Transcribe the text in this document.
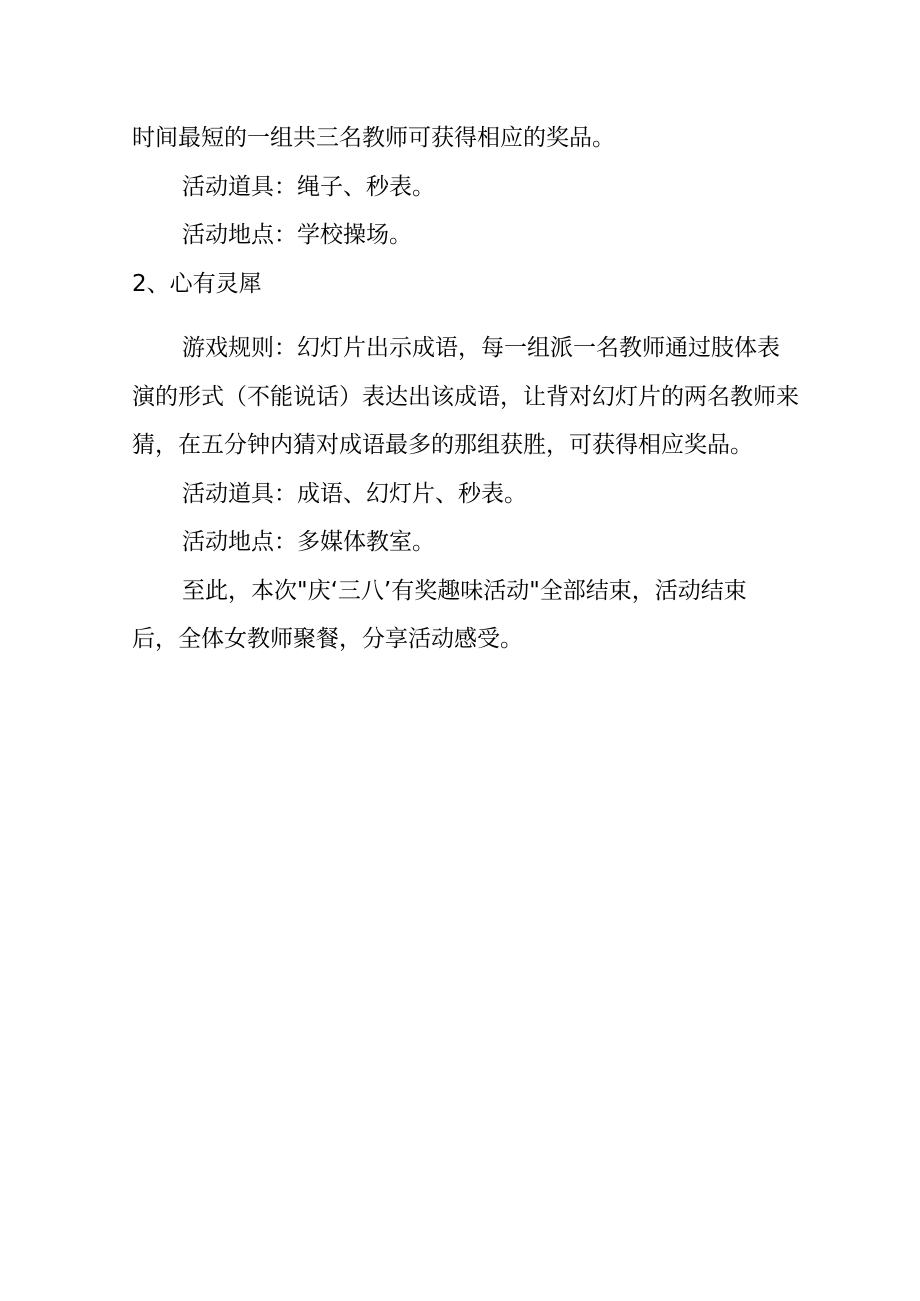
时间最短的一组共三名教师可获得相应的奖品。

活动道具：绳子、秒表。

活动地点：学校操场。

2、心有灵犀

游戏规则：幻灯片出示成语，每一组派一名教师通过肢体表

演的形式（不能说话）表达出该成语，让背对幻灯片的两名教师来

猜，在五分钟内猜对成语最多的那组获胜，可获得相应奖品。

活动道具：成语、幻灯片、秒表。

活动地点：多媒体教室。

至此，本次"庆‘三八’有奖趣味活动"全部结束，活动结束

后，全体女教师聚餐，分享活动感受。
